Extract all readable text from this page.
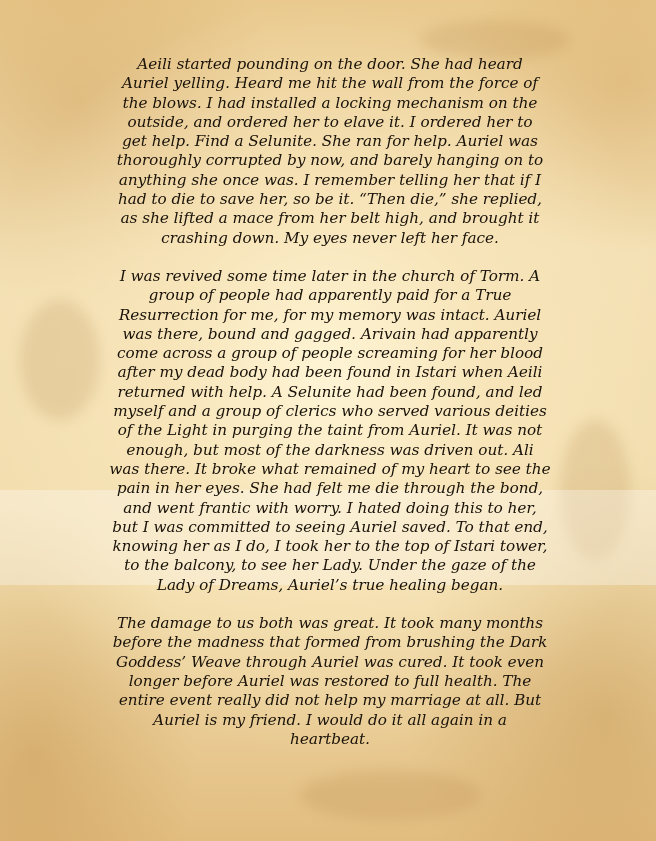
Aeili started pounding on the door. She had heard
Auriel yelling. Heard me hit the wall from the force of
the blows. I had installed a locking mechanism on the
outside, and ordered her to elave it. I ordered her to
get help. Find a Selunite. She ran for help. Auriel was
thoroughly corrupted by now, and barely hanging on to
anything she once was. I remember telling her that if I
had to die to save her, so be it. “Then die,” she replied,
as she lifted a mace from her belt high, and brought it
crashing down. My eyes never left her face.

I was revived some time later in the church of Torm. A
group of people had apparently paid for a True
Resurrection for me, for my memory was intact. Auriel
was there, bound and gagged. Arivain had apparently
come across a group of people screaming for her blood
after my dead body had been found in Istari when Aeili
returned with help. A Selunite had been found, and led
myself and a group of clerics who served various deities
of the Light in purging the taint from Auriel. It was not
enough, but most of the darkness was driven out. Ali
was there. It broke what remained of my heart to see the
pain in her eyes. She had felt me die through the bond,
and went frantic with worry. I hated doing this to her,
but I was committed to seeing Auriel saved. To that end,
knowing her as I do, I took her to the top of Istari tower,
to the balcony, to see her Lady. Under the gaze of the
Lady of Dreams, Auriel’s true healing began.

The damage to us both was great. It took many months
before the madness that formed from brushing the Dark
Goddess’ Weave through Auriel was cured. It took even
longer before Auriel was restored to full health. The
entire event really did not help my marriage at all. But
Auriel is my friend. I would do it all again in a
heartbeat.
